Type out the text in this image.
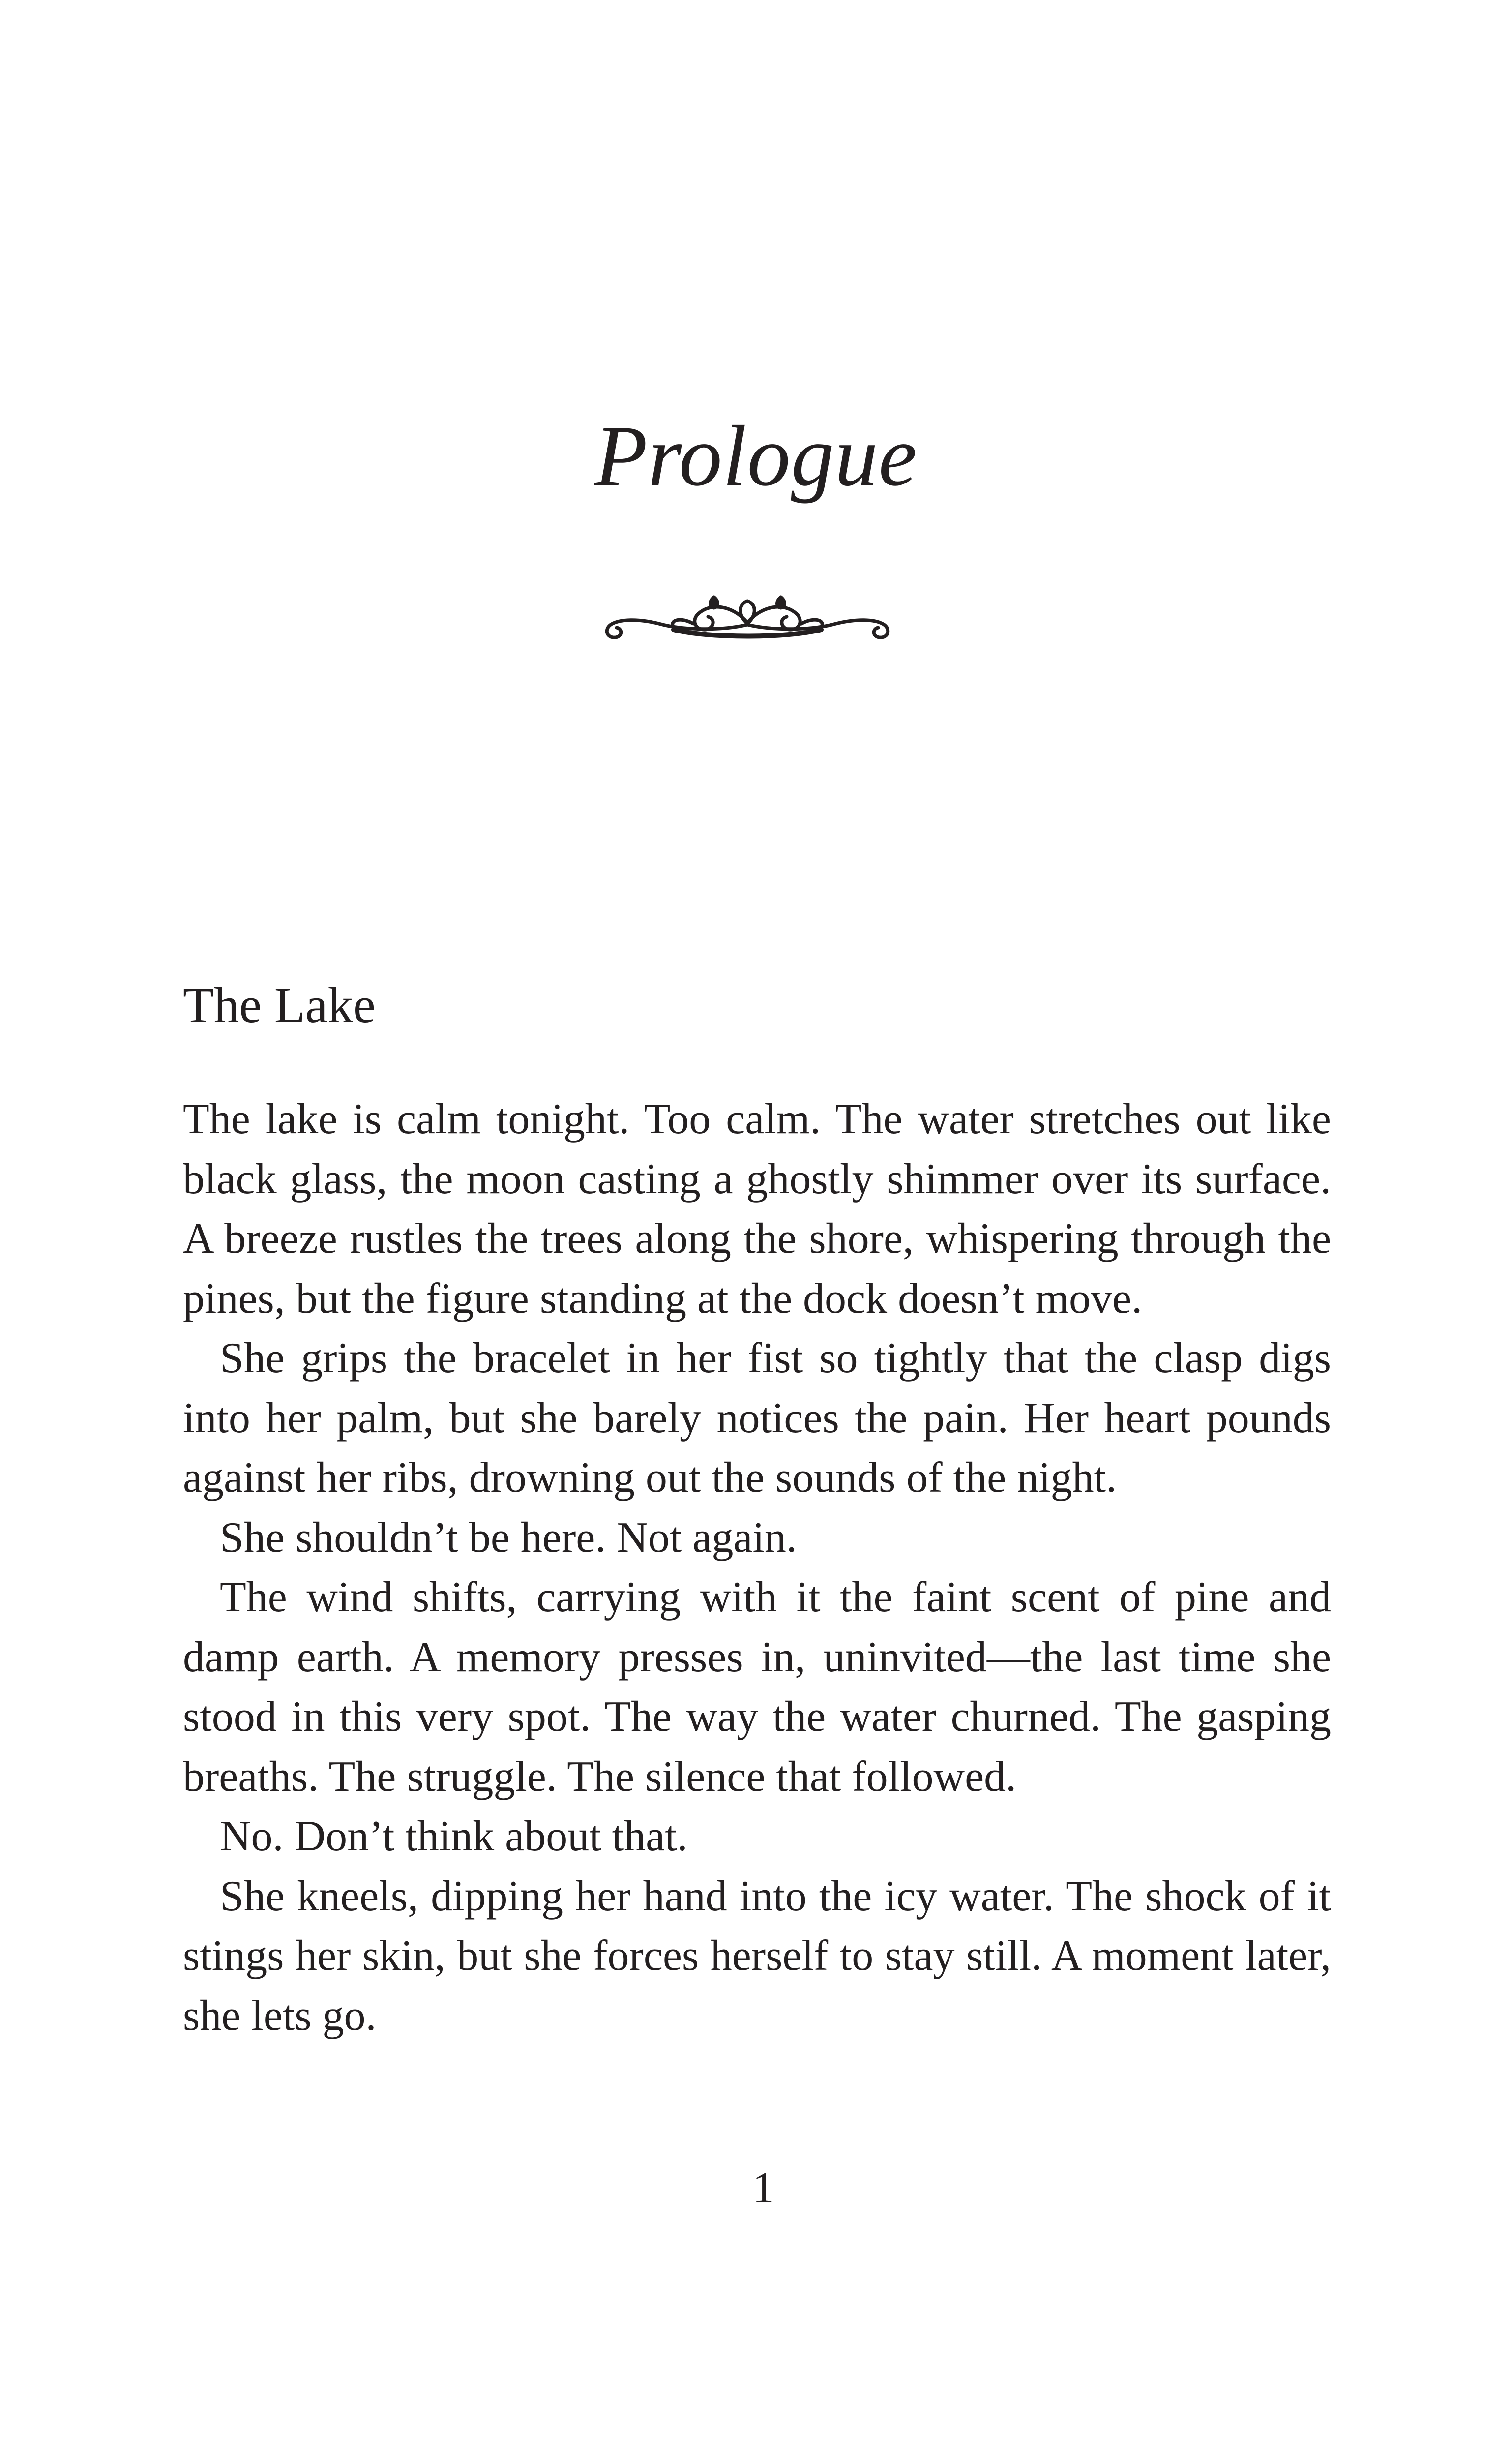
Prologue
The Lake

The lake is calm tonight. Too calm. The water stretches out like black glass, the moon casting a ghostly shimmer over its surface. A breeze rustles the trees along the shore, whispering through the pines, but the figure standing at the dock doesn’t move.

She grips the bracelet in her fist so tightly that the clasp digs into her palm, but she barely notices the pain. Her heart pounds against her ribs, drowning out the sounds of the night.

She shouldn’t be here. Not again.

The wind shifts, carrying with it the faint scent of pine and damp earth. A memory presses in, uninvited—the last time she stood in this very spot. The way the water churned. The gasping breaths. The struggle. The silence that followed.

No. Don’t think about that.

She kneels, dipping her hand into the icy water. The shock of it stings her skin, but she forces herself to stay still. A moment later, she lets go.

1
